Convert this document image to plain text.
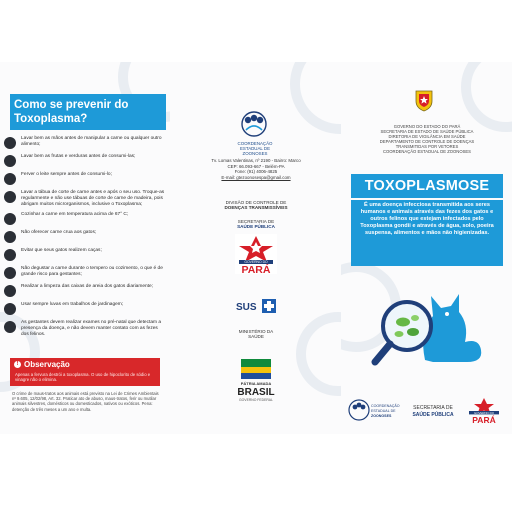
Como se prevenir do
Toxoplasma?
Lavar bem as mãos antes de manipular a carne ou qualquer outro alimento;
Lavar bem as frutas e verduras antes de consumi-las;
Ferver o leite sempre antes de consumi-lo;
Lavar a tábua de corte de carne antes e após o seu uso. Troque-as regularmente e não use tábuas de corte de carne de madeira, pois abrigam muitos microrganismos, inclusive o Toxoplasma;
Cozinhar a carne em temperatura acima de 67° C;
Não oferecer carne crua aos gatos;
Evitar que seus gatos realizem caças;
Não degustar a carne durante o tempero ou cozimento, o que é de grande risco para gestantes;
Realizar a limpeza das caixas de areia dos gatos diariamente;
Usar sempre luvas em trabalhos de jardinagem;
As gestantes devem realizar exames no pré-natal que detectam a presença da doença, e não devem manter contato com as fezes dos felinos.
! Observação
Apenas a fervura destrói a toxoplasma. O uso de hipoclorito de sódio e vinagre não o elimina.
O crime de maus-tratos aos animais está previsto na Lei de Crimes Ambientais nº 9.605, 12/02/98, Art. 32. Praticar ato de abuso, maus-tratos, ferir ou mutilar animais silvestres, domésticos ou domesticados, nativos ou exóticos. Pena: detenção de três meses a um ano e multa.
COORDENAÇÃO
ESTADUAL DE
ZOONOSES
Tv. Lomas Valentinas, nº 2190 - Bairro: Marco
CEP: 66.093-667 - Belém-PA
Fone: (91) 4006-4825
E-mail: gtezoonosespa@gmail.com
DIVISÃO DE CONTROLE DE
DOENÇAS TRANSMISSÍVEIS
SECRETARIA DE
SAÚDE PÚBLICA
GOVERNO DO
PARÁ
SUS
MINISTÉRIO DA
SAÚDE
PÁTRIA AMADA
BRASIL
GOVERNO FEDERAL
GOVERNO DO ESTADO DO PARÁ
SECRETARIA DE ESTADO DE SAÚDE PÚBLICA
DIRETORIA DE VIGILÂNCIA EM SAÚDE
DEPARTAMENTO DE CONTROLE DE DOENÇAS
TRANSMITIDAS POR VETORES
COORDENAÇÃO ESTADUAL DE ZOONOSES
TOXOPLASMOSE
É uma doença infecciosa transmitida aos seres humanos e animais através das fezes dos gatos e outros felinos que estejam infectados pelo Toxoplasma gondii e através de água, solo, poeira suspensa, alimentos e mãos não higienizadas.
COORDENAÇÃO
ESTADUAL DE
ZOONOSES
SECRETARIA DE
SAÚDE PÚBLICA	GOVERNO DO
PARÁ
